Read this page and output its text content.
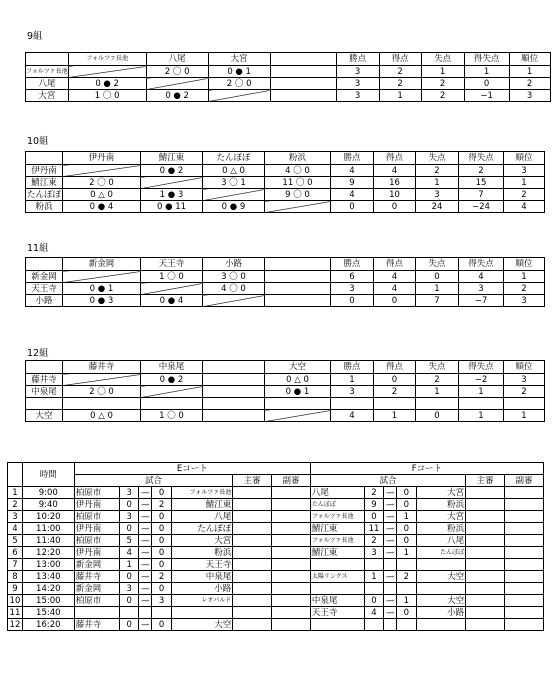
9組
10組
11組
12組
	フォルツァ長池	八尾	大宮		勝点	得点	失点	得失点	順位
フォルツァ長池		2 〇 0	0 ● 1		3	2	1	1	1
八尾	0 ● 2		2 〇 0		3	2	2	0	2
大宮	1 〇 0	0 ● 2			3	1	2	−1	3
	伊丹南	鯖江東	たんぽぽ	粉浜	勝点	得点	失点	得失点	順位
伊丹南		0 ● 2	0 △ 0	4 〇 0	4	4	2	2	3
鯖江東	2 〇 0		3 〇 1	11 〇 0	9	16	1	15	1
たんぽぽ	0 △ 0	1 ● 3		9 〇 0	4	10	3	7	2
粉浜	0 ● 4	0 ● 11	0 ● 9		0	0	24	−24	4
	新金岡	天王寺	小路		勝点	得点	失点	得失点	順位
新金岡		1 〇 0	3 〇 0		6	4	0	4	1
天王寺	0 ● 1		4 〇 0		3	4	1	3	2
小路	0 ● 3	0 ● 4			0	0	7	−7	3
	藤井寺	中泉尾		大空	勝点	得点	失点	得失点	順位
藤井寺		0 ● 2		0 △ 0	1	0	2	−2	3
中泉尾	2 〇 0			0 ● 1	3	2	1	1	2

大空	0 △ 0	1 〇 0			4	1	0	1	1
	時間	Eコート							Fコート						
		試合					主審	副審	試合					主審	副審
1	9:00	柏原市	3	—	0	フォルツァ長池			八尾	2	—	0	大宮		
2	9:40	伊丹南	0	—	2	鯖江東			たんぽぽ	9	—	0	粉浜		
3	10:20	柏原市	3	—	0	八尾			フォルツァ長池	0	—	1	大宮		
4	11:00	伊丹南	0	—	0	たんぽぽ			鯖江東	11	—	0	粉浜		
5	11:40	柏原市	5	—	0	大宮			フォルツァ長池	2	—	0	八尾		
6	12:20	伊丹南	4	—	0	粉浜			鯖江東	3	—	1	たんぽぽ		
7	13:00	新金岡	1	—	0	天王寺									
8	13:40	藤井寺	0	—	2	中泉尾			太陽リンクス	1	—	2	大空		
9	14:20	新金岡	3	—	0	小路									
10	15:00	柏原市	0	—	3	レオパルド			中泉尾	0	—	1	大空		
11	15:40								天王寺	4	—	0	小路		
12	16:20	藤井寺	0	—	0	大空									
